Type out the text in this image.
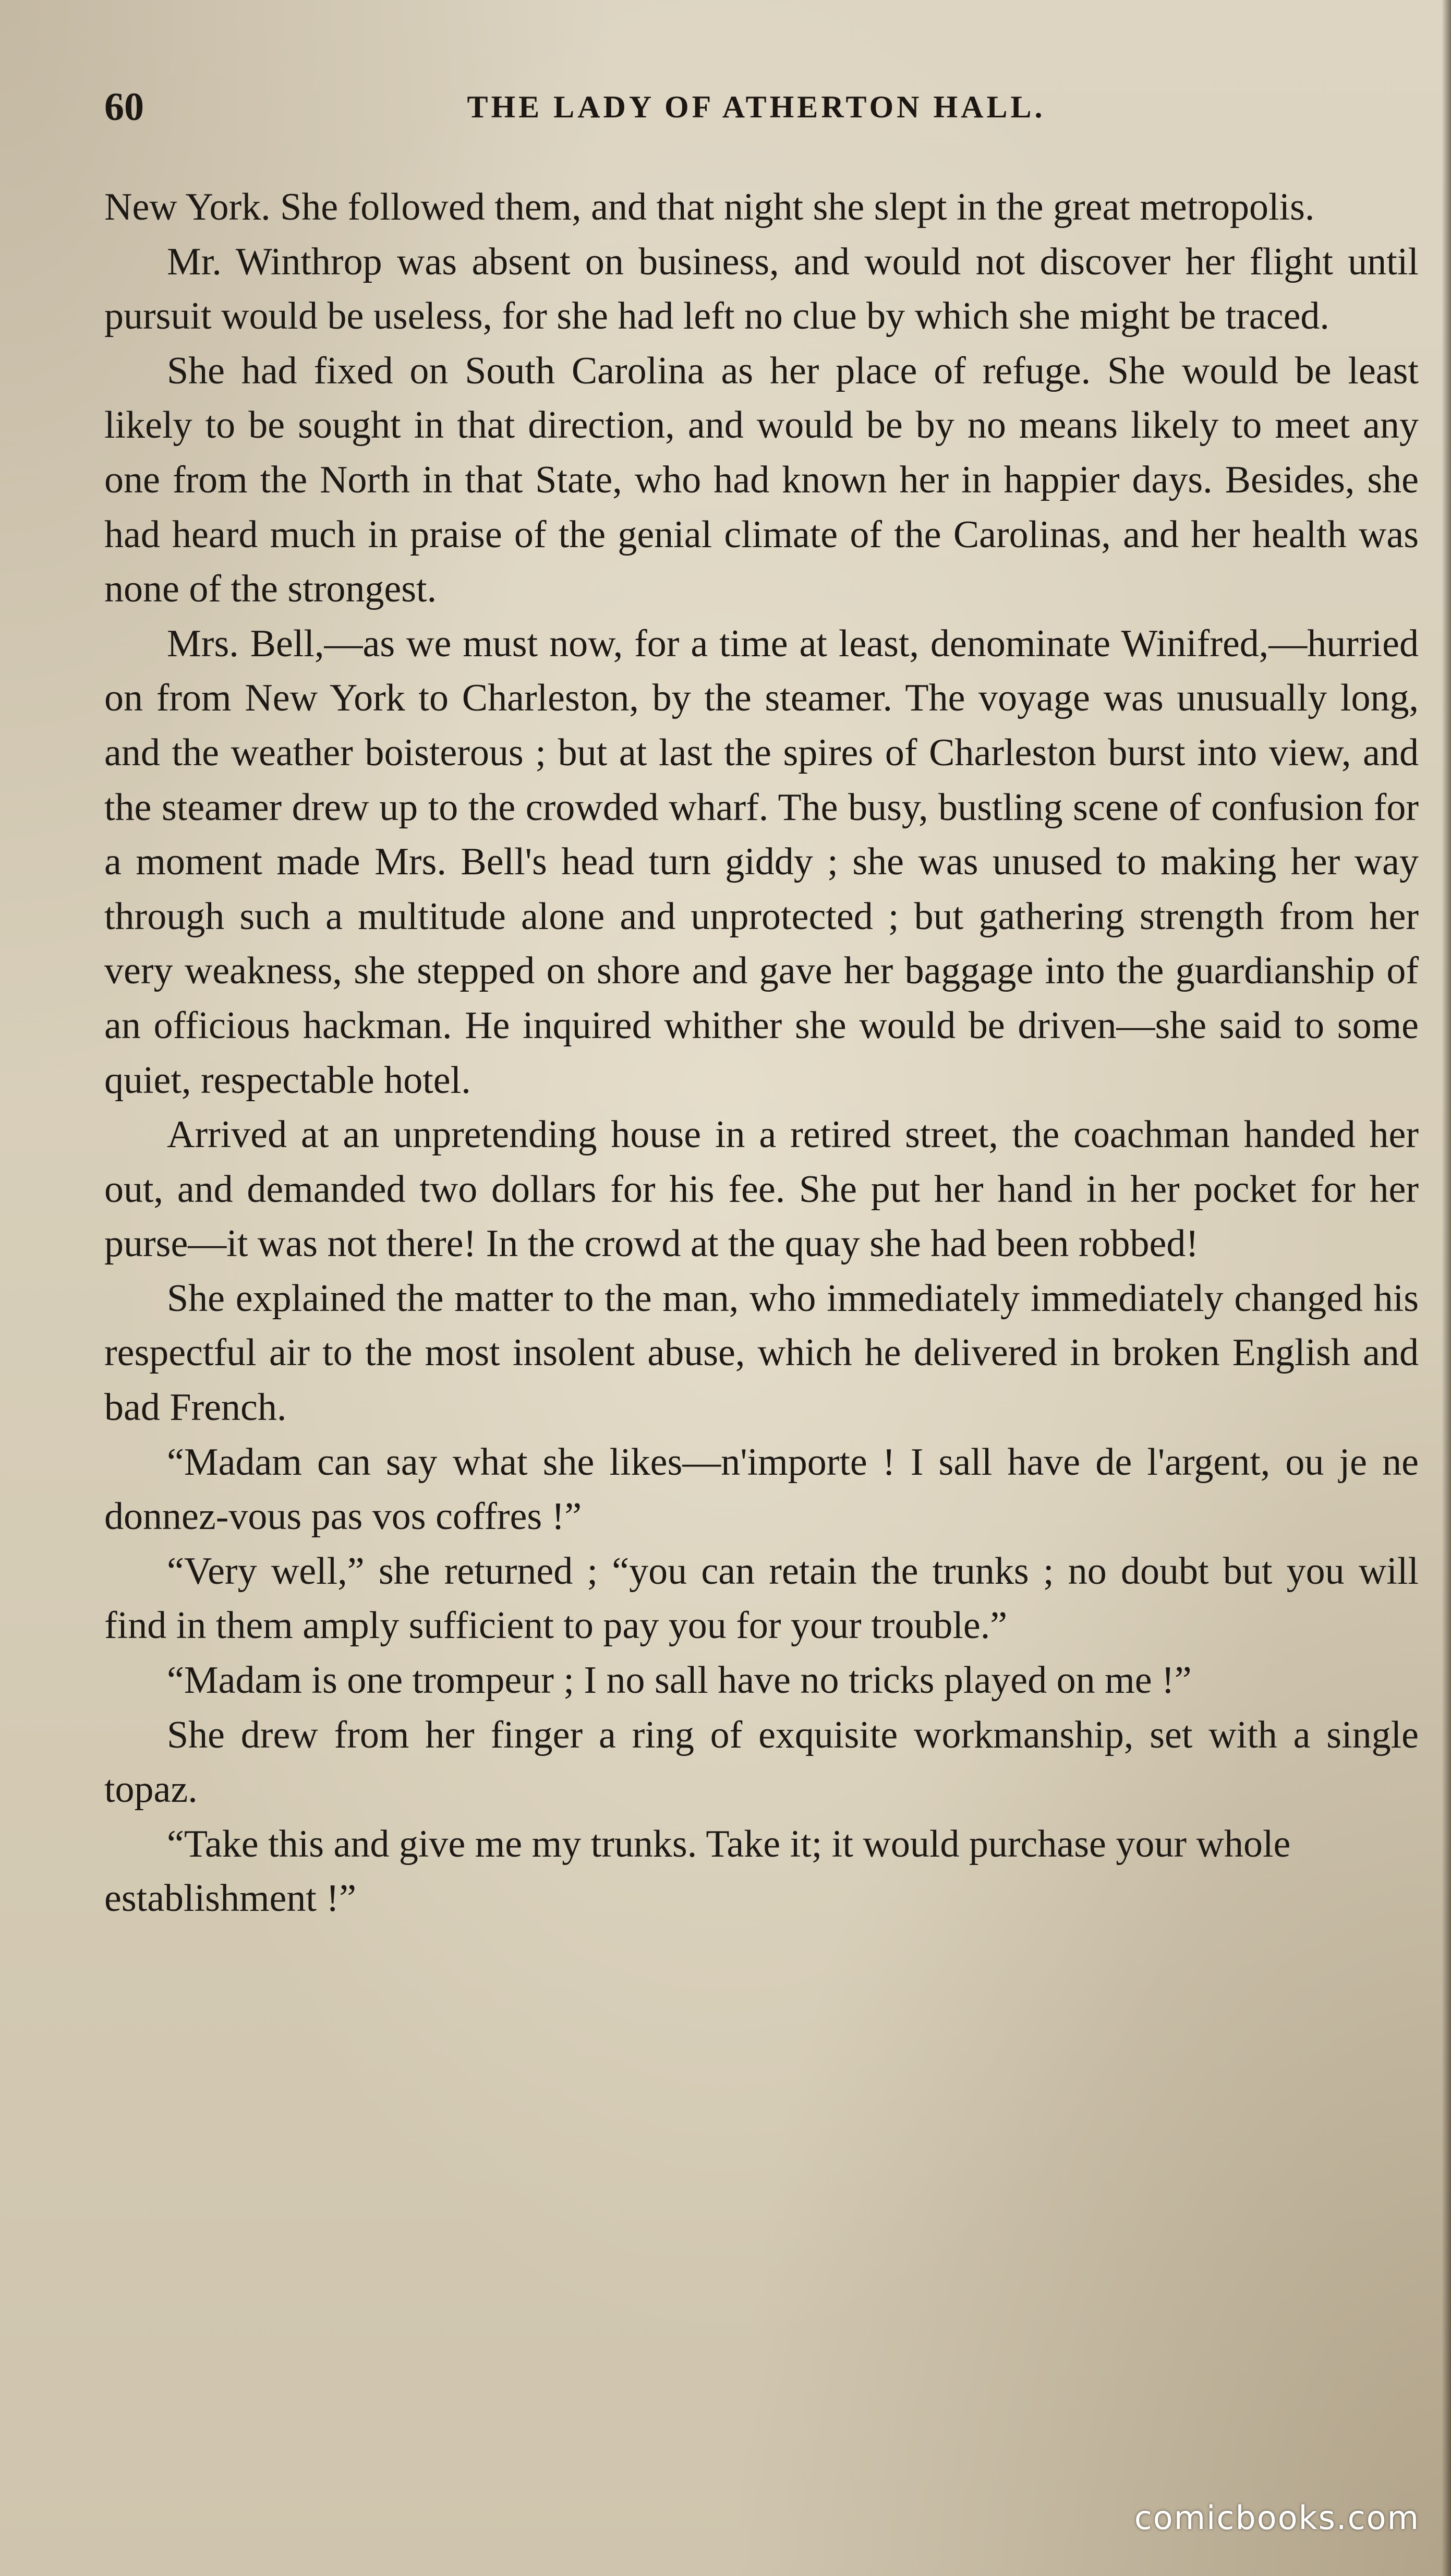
60	THE LADY OF ATHERTON HALL.

New York. She followed them, and that night she slept in the great metropolis.

Mr. Winthrop was absent on business, and would not discover her flight until pursuit would be useless, for she had left no clue by which she might be traced.

She had fixed on South Carolina as her place of refuge. She would be least likely to be sought in that direction, and would be by no means likely to meet any one from the North in that State, who had known her in happier days. Besides, she had heard much in praise of the genial climate of the Carolinas, and her health was none of the strongest.

Mrs. Bell,—as we must now, for a time at least, denominate Winifred,—hurried on from New York to Charleston, by the steamer. The voyage was unusually long, and the weather boisterous ; but at last the spires of Charleston burst into view, and the steamer drew up to the crowded wharf. The busy, bustling scene of confusion for a moment made Mrs. Bell's head turn giddy ; she was unused to making her way through such a multitude alone and unprotected ; but gathering strength from her very weakness, she stepped on shore and gave her baggage into the guardianship of an officious hackman. He inquired whither she would be driven—she said to some quiet, respectable hotel.

Arrived at an unpretending house in a retired street, the coachman handed her out, and demanded two dollars for his fee. She put her hand in her pocket for her purse—it was not there! In the crowd at the quay she had been robbed!

She explained the matter to the man, who immediately immediately changed his respectful air to the most insolent abuse, which he delivered in broken English and bad French.

“Madam can say what she likes—n'importe ! I sall have de l'argent, ou je ne donnez-vous pas vos coffres !”

“Very well,” she returned ; “you can retain the trunks ; no doubt but you will find in them amply sufficient to pay you for your trouble.”

“Madam is one trompeur ; I no sall have no tricks played on me !”

She drew from her finger a ring of exquisite workmanship, set with a single topaz.

“Take this and give me my trunks. Take it; it would purchase your whole establishment !”

comicbooks.com
